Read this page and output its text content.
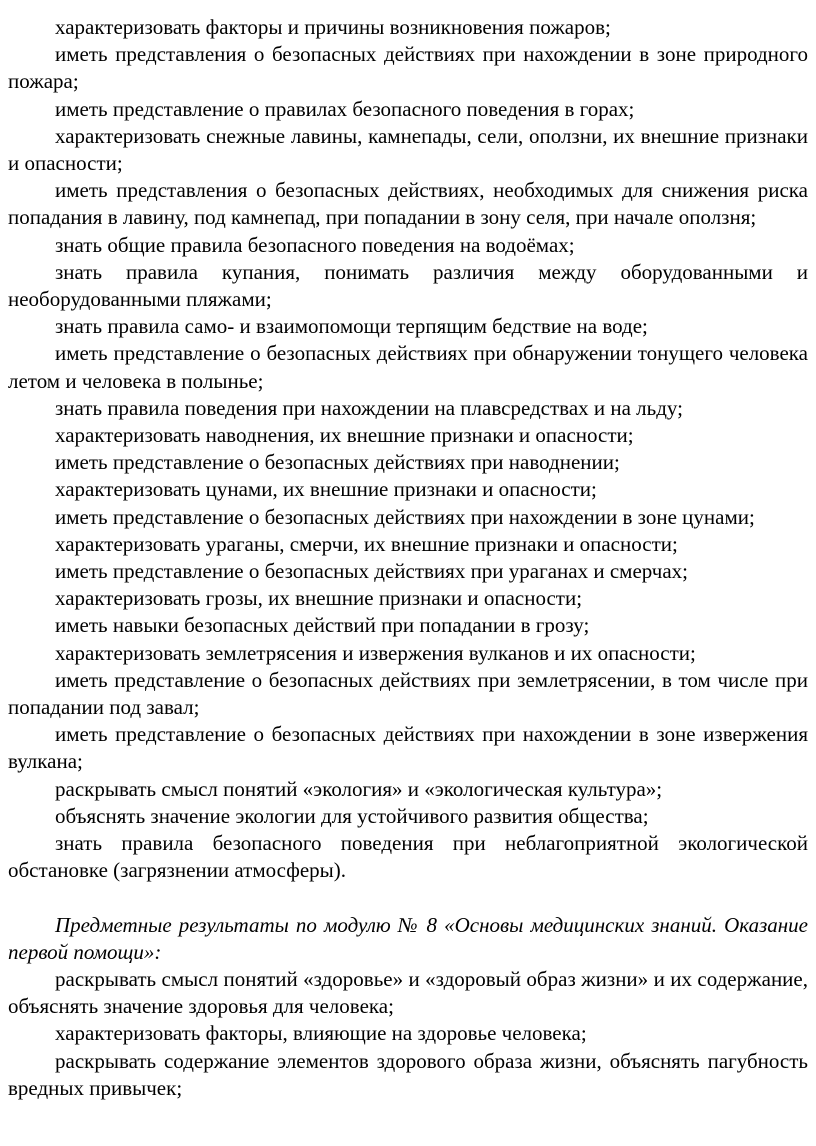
характеризовать факторы и причины возникновения пожаров;

иметь представления о безопасных действиях при нахождении в зоне природного пожара;

иметь представление о правилах безопасного поведения в горах;

характеризовать снежные лавины, камнепады, сели, оползни, их внешние признаки и опасности;

иметь представления о безопасных действиях, необходимых для снижения риска попадания в лавину, под камнепад, при попадании в зону селя, при начале оползня;

знать общие правила безопасного поведения на водоёмах;

знать правила купания, понимать различия между оборудованными и необорудованными пляжами;

знать правила само- и взаимопомощи терпящим бедствие на воде;

иметь представление о безопасных действиях при обнаружении тонущего человека летом и человека в полынье;

знать правила поведения при нахождении на плавсредствах и на льду;

характеризовать наводнения, их внешние признаки и опасности;

иметь представление о безопасных действиях при наводнении;

характеризовать цунами, их внешние признаки и опасности;

иметь представление о безопасных действиях при нахождении в зоне цунами;

характеризовать ураганы, смерчи, их внешние признаки и опасности;

иметь представление о безопасных действиях при ураганах и смерчах;

характеризовать грозы, их внешние признаки и опасности;

иметь навыки безопасных действий при попадании в грозу;

характеризовать землетрясения и извержения вулканов и их опасности;

иметь представление о безопасных действиях при землетрясении, в том числе при попадании под завал;

иметь представление о безопасных действиях при нахождении в зоне извержения вулкана;

раскрывать смысл понятий «экология» и «экологическая культура»;

объяснять значение экологии для устойчивого развития общества;

знать правила безопасного поведения при неблагоприятной экологической обстановке (загрязнении атмосферы).

Предметные результаты по модулю № 8 «Основы медицинских знаний. Оказание первой помощи»:

раскрывать смысл понятий «здоровье» и «здоровый образ жизни» и их содержание, объяснять значение здоровья для человека;

характеризовать факторы, влияющие на здоровье человека;

раскрывать содержание элементов здорового образа жизни, объяснять пагубность вредных привычек;
